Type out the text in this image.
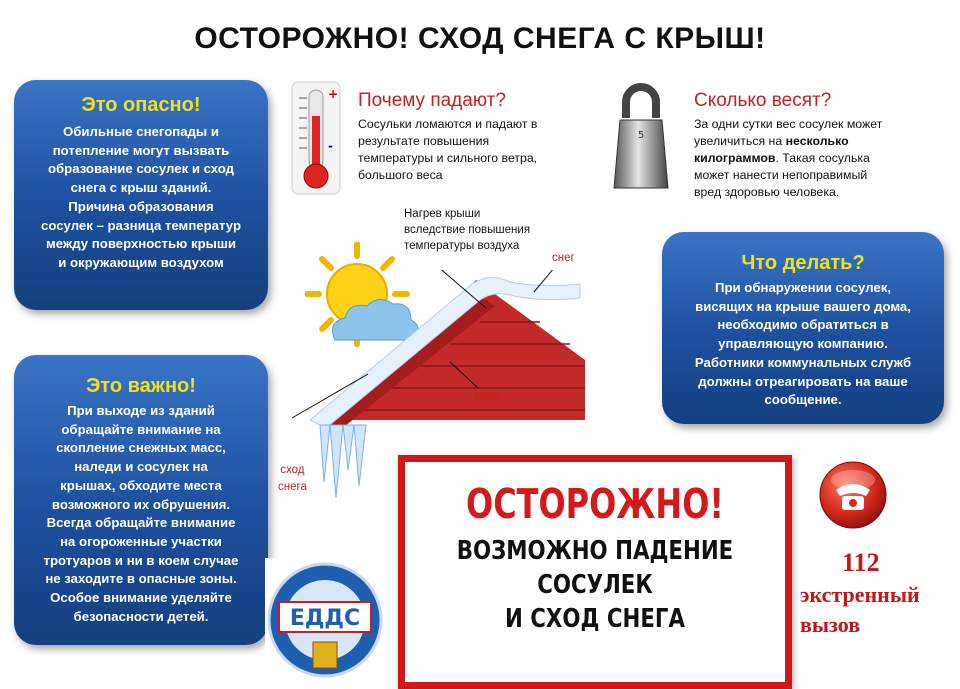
ОСТОРОЖНО! СХОД СНЕГА С КРЫШ!
Это опасно!

Обильные снегопады и
потепление могут вызвать
образование сосулек и сход
снега с крыш зданий.
Причина образования
сосулек – разница температур
между поверхностью крыши
и окружающим воздухом

Это важно!

При выходе из зданий
обращайте внимание на
скопление снежных масс,
наледи и сосулек на
крышах, обходите места
возможного их обрушения.
Всегда обращайте внимание
на огороженные участки
тротуаров и ни в коем случае
не заходите в опасные зоны.
Особое внимание уделяйте
безопасности детей.

Что делать?

При обнаружении сосулек,
висящих на крыше вашего дома,
необходимо обратиться в
управляющую компанию.
Работники коммунальных служб
должны отреагировать на ваше
сообщение.

+
-
Почему падают?
Сосульки ломаются и падают в
результате повышения
температуры и сильного ветра,
большого веса
5
Сколько весят?
За одни сутки вес сосулек может
увеличиться на несколько
килограммов. Такая сосулька
может нанести непоправимый
вред здоровью человека.
Нагрев крыши
вследствие повышения
температуры воздуха
снег
вода
сход
снега	ОСТОРОЖНО!
ВОЗМОЖНО ПАДЕНИЕ
СОСУЛЕК
И СХОД СНЕГА
112
экстренный
вызов
ЕДДС
